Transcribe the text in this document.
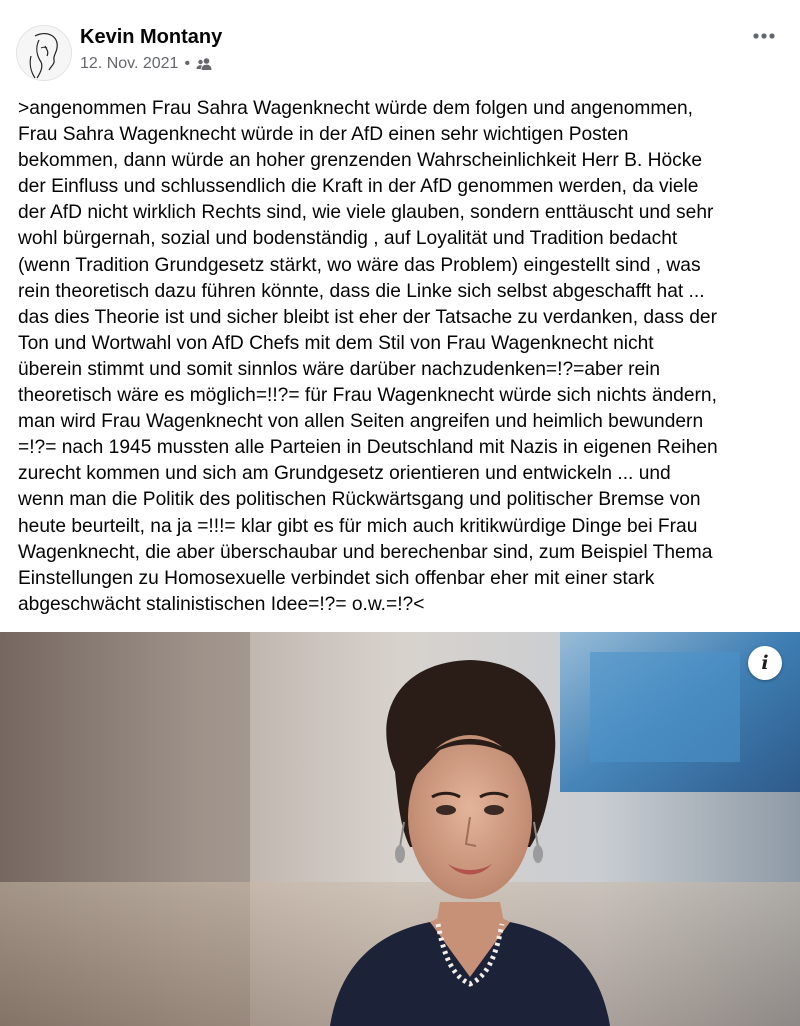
Kevin Montany
12. Nov. 2021 •
>angenommen Frau Sahra Wagenknecht würde dem folgen und angenommen,
Frau Sahra Wagenknecht würde in der AfD einen sehr wichtigen Posten
bekommen, dann würde an hoher grenzenden Wahrscheinlichkeit Herr B. Höcke
der Einfluss und schlussendlich die Kraft in der AfD genommen werden, da viele
der AfD nicht wirklich Rechts sind, wie viele glauben, sondern enttäuscht und sehr
wohl bürgernah, sozial und bodenständig , auf Loyalität und Tradition bedacht
(wenn Tradition Grundgesetz stärkt, wo wäre das Problem) eingestellt sind , was
rein theoretisch dazu führen könnte, dass die Linke sich selbst abgeschafft hat ...
das dies Theorie ist und sicher bleibt ist eher der Tatsache zu verdanken, dass der
Ton und Wortwahl von AfD Chefs mit dem Stil von Frau Wagenknecht nicht
überein stimmt und somit sinnlos wäre darüber nachzudenken=!?=aber rein
theoretisch wäre es möglich=!!?= für Frau Wagenknecht würde sich nichts ändern,
man wird Frau Wagenknecht von allen Seiten angreifen und heimlich bewundern
=!?= nach 1945 mussten alle Parteien in Deutschland mit Nazis in eigenen Reihen
zurecht kommen und sich am Grundgesetz orientieren und entwickeln ... und
wenn man die Politik des politischen Rückwärtsgang und politischer Bremse von
heute beurteilt, na ja =!!!= klar gibt es für mich auch kritikwürdige Dinge bei Frau
Wagenknecht, die aber überschaubar und berechenbar sind, zum Beispiel Thema
Einstellungen zu Homosexuelle verbindet sich offenbar eher mit einer stark
abgeschwächt stalinistischen Idee=!?= o.w.=!?<
i
